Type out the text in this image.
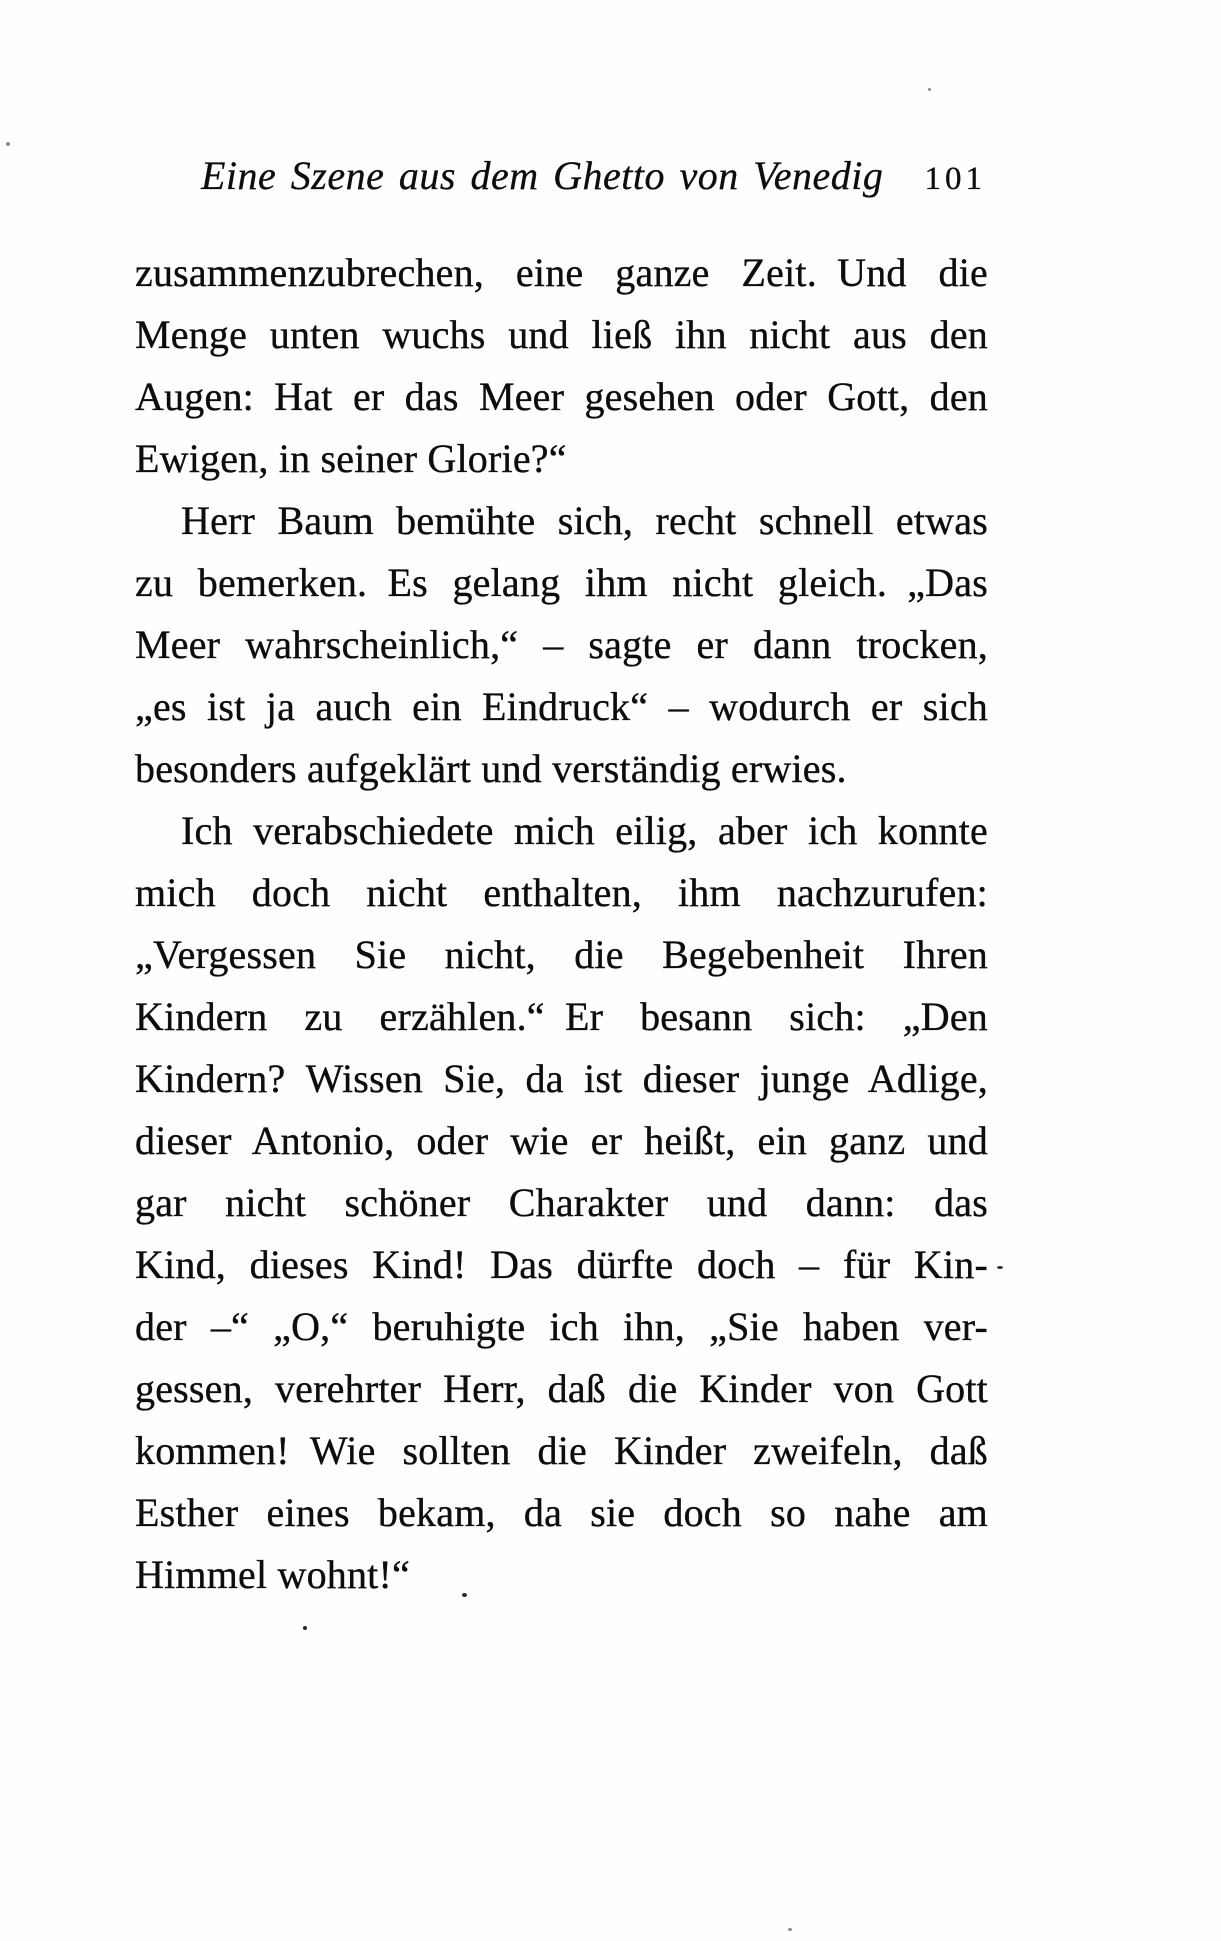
Eine Szene aus dem Ghetto von Venedig 101
zusammenzubrechen, eine ganze Zeit. Und die
Menge unten wuchs und ließ ihn nicht aus den
Augen: Hat er das Meer gesehen oder Gott, den
Ewigen, in seiner Glorie?“
Herr Baum bemühte sich, recht schnell etwas
zu bemerken. Es gelang ihm nicht gleich. „Das
Meer wahrscheinlich,“ – sagte er dann trocken,
„es ist ja auch ein Eindruck“ – wodurch er sich
besonders aufgeklärt und verständig erwies.
Ich verabschiedete mich eilig, aber ich konnte
mich doch nicht enthalten, ihm nachzurufen:
„Vergessen Sie nicht, die Begebenheit Ihren
Kindern zu erzählen.“ Er besann sich: „Den
Kindern? Wissen Sie, da ist dieser junge Adlige,
dieser Antonio, oder wie er heißt, ein ganz und
gar nicht schöner Charakter und dann: das
Kind, dieses Kind! Das dürfte doch – für Kin-
der –“ „O,“ beruhigte ich ihn, „Sie haben ver-
gessen, verehrter Herr, daß die Kinder von Gott
kommen! Wie sollten die Kinder zweifeln, daß
Esther eines bekam, da sie doch so nahe am
Himmel wohnt!“
